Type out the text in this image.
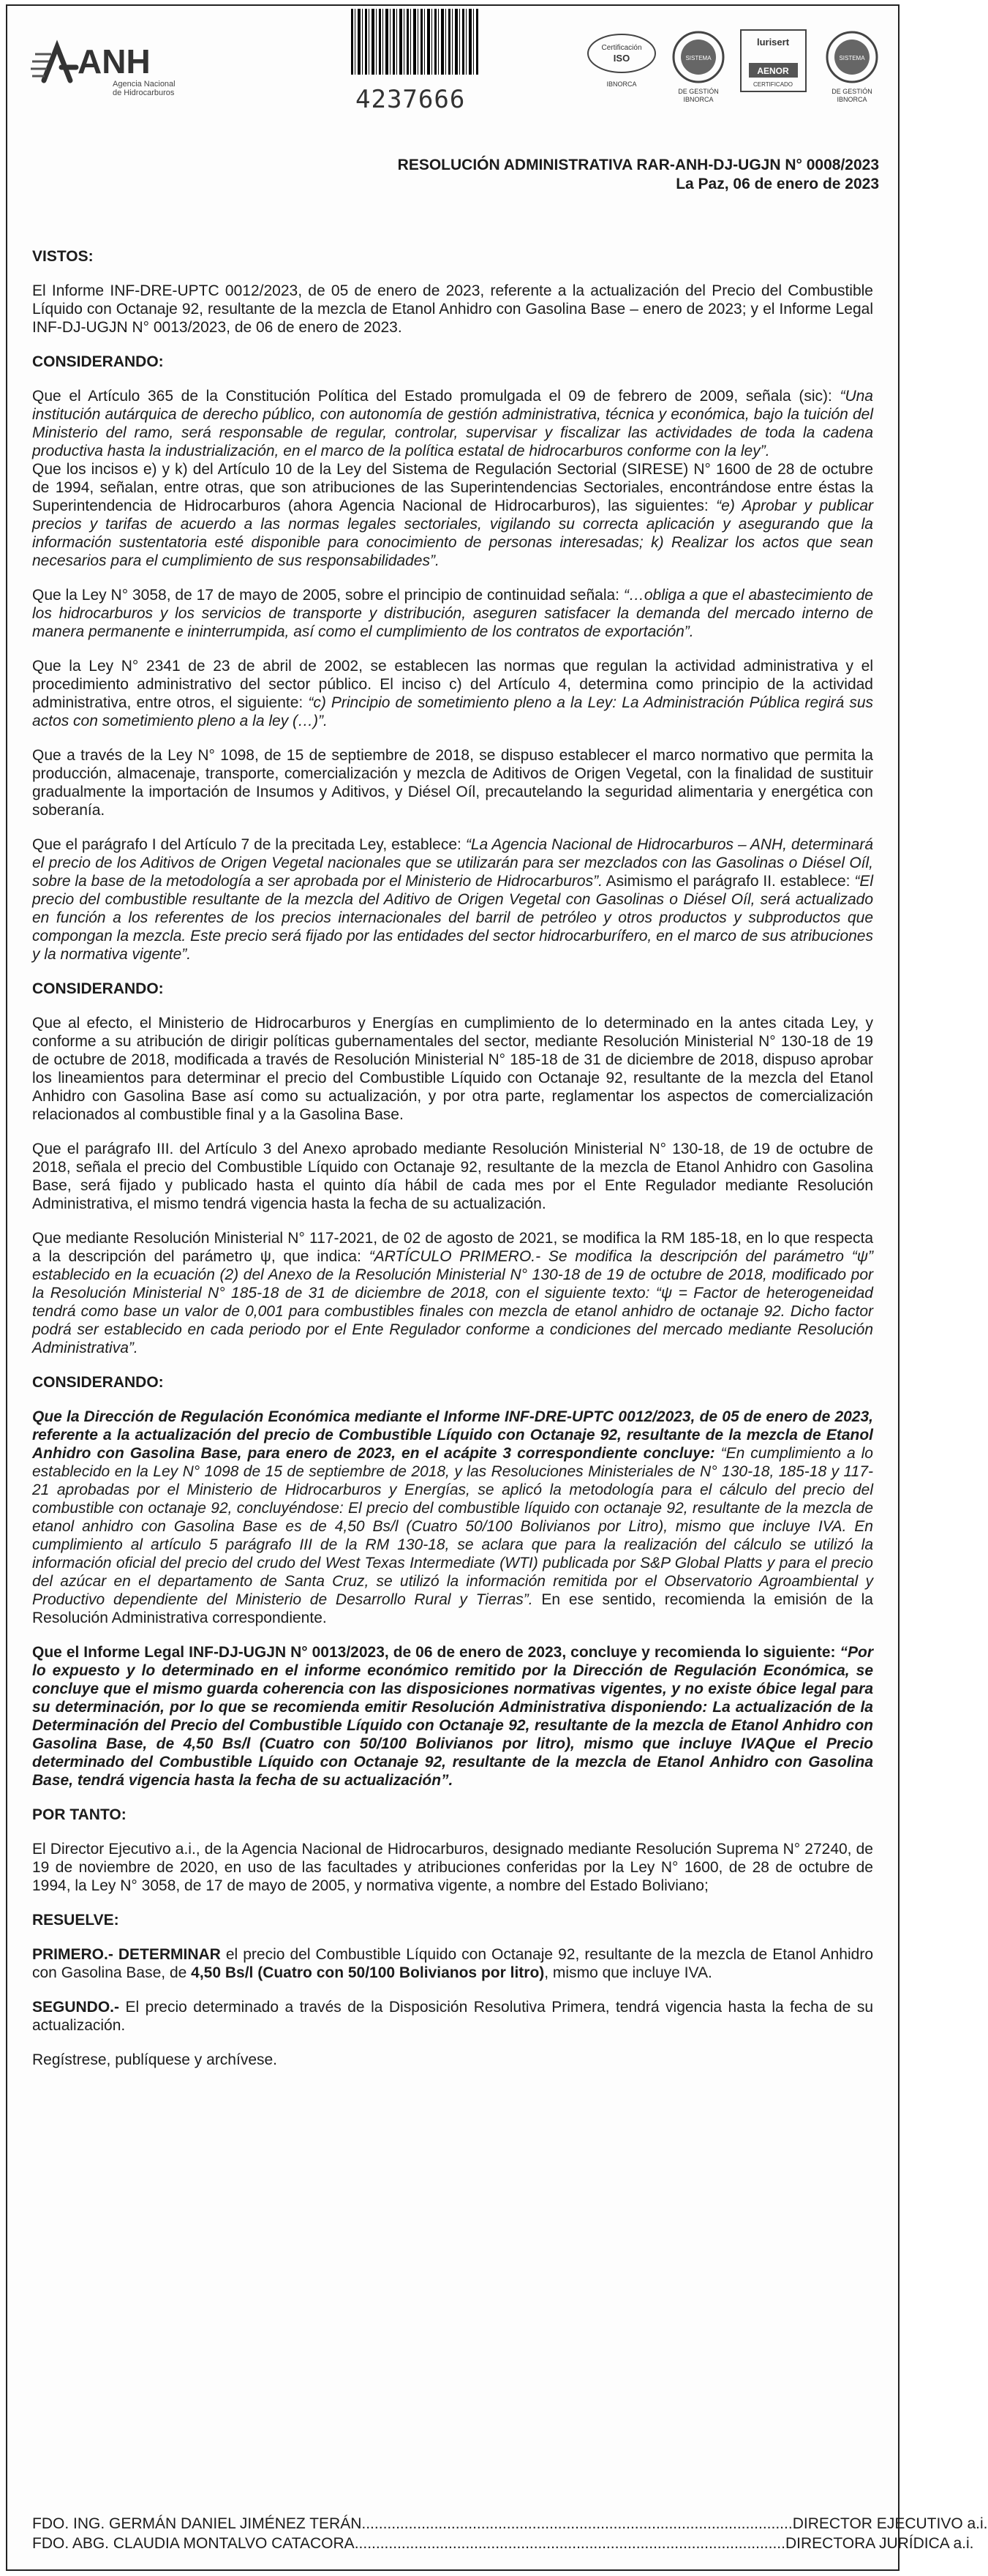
ANH
Agencia Nacional
de Hidrocarburos	4237666
Certificación
ISO
IBNORCA
SISTEMA
DE GESTIÓN
IBNORCA
lurisert
AENOR
CERTIFICADO
SISTEMA
DE GESTIÓN
IBNORCA
RESOLUCIÓN ADMINISTRATIVA RAR-ANH-DJ-UGJN N° 0008/2023
La Paz, 06 de enero de 2023

VISTOS:

El Informe INF-DRE-UPTC 0012/2023, de 05 de enero de 2023, referente a la actualización del Precio del Combustible Líquido con Octanaje 92, resultante de la mezcla de Etanol Anhidro con Gasolina Base – enero de 2023; y el Informe Legal INF-DJ-UGJN N° 0013/2023, de 06 de enero de 2023.

CONSIDERANDO:

Que el Artículo 365 de la Constitución Política del Estado promulgada el 09 de febrero de 2009, señala (sic): “Una institución autárquica de derecho público, con autonomía de gestión administrativa, técnica y económica, bajo la tuición del Ministerio del ramo, será responsable de regular, controlar, supervisar y fiscalizar las actividades de toda la cadena productiva hasta la industrialización, en el marco de la política estatal de hidrocarburos conforme con la ley”.

Que los incisos e) y k) del Artículo 10 de la Ley del Sistema de Regulación Sectorial (SIRESE) N° 1600 de 28 de octubre de 1994, señalan, entre otras, que son atribuciones de las Superintendencias Sectoriales, encontrándose entre éstas la Superintendencia de Hidrocarburos (ahora Agencia Nacional de Hidrocarburos), las siguientes: “e) Aprobar y publicar precios y tarifas de acuerdo a las normas legales sectoriales, vigilando su correcta aplicación y asegurando que la información sustentatoria esté disponible para conocimiento de personas interesadas; k) Realizar los actos que sean necesarios para el cumplimiento de sus responsabilidades”.

Que la Ley N° 3058, de 17 de mayo de 2005, sobre el principio de continuidad señala: “…obliga a que el abastecimiento de los hidrocarburos y los servicios de transporte y distribución, aseguren satisfacer la demanda del mercado interno de manera permanente e ininterrumpida, así como el cumplimiento de los contratos de exportación”.

Que la Ley N° 2341 de 23 de abril de 2002, se establecen las normas que regulan la actividad administrativa y el procedimiento administrativo del sector público. El inciso c) del Artículo 4, determina como principio de la actividad administrativa, entre otros, el siguiente: “c) Principio de sometimiento pleno a la Ley: La Administración Pública regirá sus actos con sometimiento pleno a la ley (…)”.

Que a través de la Ley N° 1098, de 15 de septiembre de 2018, se dispuso establecer el marco normativo que permita la producción, almacenaje, transporte, comercialización y mezcla de Aditivos de Origen Vegetal, con la finalidad de sustituir gradualmente la importación de Insumos y Aditivos, y Diésel Oíl, precautelando la seguridad alimentaria y energética con soberanía.

Que el parágrafo I del Artículo 7 de la precitada Ley, establece: “La Agencia Nacional de Hidrocarburos – ANH, determinará el precio de los Aditivos de Origen Vegetal nacionales que se utilizarán para ser mezclados con las Gasolinas o Diésel Oíl, sobre la base de la metodología a ser aprobada por el Ministerio de Hidrocarburos”. Asimismo el parágrafo II. establece: “El precio del combustible resultante de la mezcla del Aditivo de Origen Vegetal con Gasolinas o Diésel Oíl, será actualizado en función a los referentes de los precios internacionales del barril de petróleo y otros productos y subproductos que compongan la mezcla. Este precio será fijado por las entidades del sector hidrocarburífero, en el marco de sus atribuciones y la normativa vigente”.

CONSIDERANDO:

Que al efecto, el Ministerio de Hidrocarburos y Energías en cumplimiento de lo determinado en la antes citada Ley, y conforme a su atribución de dirigir políticas gubernamentales del sector, mediante Resolución Ministerial N° 130-18 de 19 de octubre de 2018, modificada a través de Resolución Ministerial N° 185-18 de 31 de diciembre de 2018, dispuso aprobar los lineamientos para determinar el precio del Combustible Líquido con Octanaje 92, resultante de la mezcla del Etanol Anhidro con Gasolina Base así como su actualización, y por otra parte, reglamentar los aspectos de comercialización relacionados al combustible final y a la Gasolina Base.

Que el parágrafo III. del Artículo 3 del Anexo aprobado mediante Resolución Ministerial N° 130-18, de 19 de octubre de 2018, señala el precio del Combustible Líquido con Octanaje 92, resultante de la mezcla de Etanol Anhidro con Gasolina Base, será fijado y publicado hasta el quinto día hábil de cada mes por el Ente Regulador mediante Resolución Administrativa, el mismo tendrá vigencia hasta la fecha de su actualización.

Que mediante Resolución Ministerial N° 117-2021, de 02 de agosto de 2021, se modifica la RM 185-18, en lo que respecta a la descripción del parámetro ψ, que indica: “ARTÍCULO PRIMERO.- Se modifica la descripción del parámetro “ψ” establecido en la ecuación (2) del Anexo de la Resolución Ministerial N° 130-18 de 19 de octubre de 2018, modificado por la Resolución Ministerial N° 185-18 de 31 de diciembre de 2018, con el siguiente texto: “ψ = Factor de heterogeneidad tendrá como base un valor de 0,001 para combustibles finales con mezcla de etanol anhidro de octanaje 92. Dicho factor podrá ser establecido en cada periodo por el Ente Regulador conforme a condiciones del mercado mediante Resolución Administrativa”.

CONSIDERANDO:

Que la Dirección de Regulación Económica mediante el Informe INF-DRE-UPTC 0012/2023, de 05 de enero de 2023, referente a la actualización del precio de Combustible Líquido con Octanaje 92, resultante de la mezcla de Etanol Anhidro con Gasolina Base, para enero de 2023, en el acápite 3 correspondiente concluye: “En cumplimiento a lo establecido en la Ley N° 1098 de 15 de septiembre de 2018, y las Resoluciones Ministeriales de N° 130-18, 185-18 y 117-21 aprobadas por el Ministerio de Hidrocarburos y Energías, se aplicó la metodología para el cálculo del precio del combustible con octanaje 92, concluyéndose: El precio del combustible líquido con octanaje 92, resultante de la mezcla de etanol anhidro con Gasolina Base es de 4,50 Bs/l (Cuatro 50/100 Bolivianos por Litro), mismo que incluye IVA. En cumplimiento al artículo 5 parágrafo III de la RM 130-18, se aclara que para la realización del cálculo se utilizó la información oficial del precio del crudo del West Texas Intermediate (WTI) publicada por S&P Global Platts y para el precio del azúcar en el departamento de Santa Cruz, se utilizó la información remitida por el Observatorio Agroambiental y Productivo dependiente del Ministerio de Desarrollo Rural y Tierras”. En ese sentido, recomienda la emisión de la Resolución Administrativa correspondiente.

Que el Informe Legal INF-DJ-UGJN N° 0013/2023, de 06 de enero de 2023, concluye y recomienda lo siguiente: “Por lo expuesto y lo determinado en el informe económico remitido por la Dirección de Regulación Económica, se concluye que el mismo guarda coherencia con las disposiciones normativas vigentes, y no existe óbice legal para su determinación, por lo que se recomienda emitir Resolución Administrativa disponiendo: La actualización de la Determinación del Precio del Combustible Líquido con Octanaje 92, resultante de la mezcla de Etanol Anhidro con Gasolina Base, de 4,50 Bs/l (Cuatro con 50/100 Bolivianos por litro), mismo que incluye IVAQue el Precio determinado del Combustible Líquido con Octanaje 92, resultante de la mezcla de Etanol Anhidro con Gasolina Base, tendrá vigencia hasta la fecha de su actualización”.

POR TANTO:

El Director Ejecutivo a.i., de la Agencia Nacional de Hidrocarburos, designado mediante Resolución Suprema N° 27240, de 19 de noviembre de 2020, en uso de las facultades y atribuciones conferidas por la Ley N° 1600, de 28 de octubre de 1994, la Ley N° 3058, de 17 de mayo de 2005, y normativa vigente, a nombre del Estado Boliviano;

RESUELVE:

PRIMERO.- DETERMINAR el precio del Combustible Líquido con Octanaje 92, resultante de la mezcla de Etanol Anhidro con Gasolina Base, de 4,50 Bs/l (Cuatro con 50/100 Bolivianos por litro), mismo que incluye IVA.

SEGUNDO.- El precio determinado a través de la Disposición Resolutiva Primera, tendrá vigencia hasta la fecha de su actualización.

Regístrese, publíquese y archívese.

FDO. ING. GERMÁN DANIEL JIMÉNEZ TERÁN ..................................................................................................... DIRECTOR EJECUTIVO a.i.
FDO. ABG. CLAUDIA MONTALVO CATACORA ..................................................................................................... DIRECTORA JURÍDICA a.i.
